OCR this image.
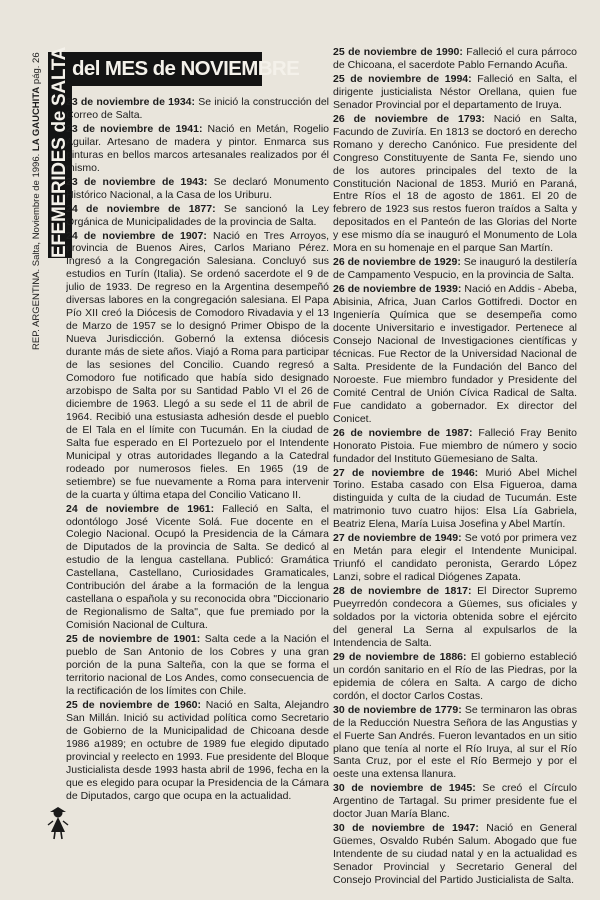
REP. ARGENTINA. Salta, Noviembre de 1996. LA GAUCHITA pág. 26 EFEMERIDES de SALTA del MES de NOVIEMBRE

23 de noviembre de 1934: Se inició la construcción del Correo de Salta.

23 de noviembre de 1941: Nació en Metán, Rogelio Aguilar. Artesano de madera y pintor. Enmarca sus pinturas en bellos marcos artesanales realizados por él mismo.

23 de noviembre de 1943: Se declaró Monumento Histórico Nacional, a la Casa de los Uriburu.

24 de noviembre de 1877: Se sancionó la Ley Orgánica de Municipalidades de la provincia de Salta.

24 de noviembre de 1907: Nació en Tres Arroyos, provincia de Buenos Aires, Carlos Mariano Pérez. Ingresó a la Congregación Salesiana. Concluyó sus estudios en Turín (Italia). Se ordenó sacerdote el 9 de julio de 1933. De regreso en la Argentina desempeñó diversas labores en la congregación salesiana. El Papa Pío XII creó la Diócesis de Comodoro Rivadavia y el 13 de Marzo de 1957 se lo designó Primer Obispo de la Nueva Jurisdicción. Gobernó la extensa diócesis durante más de siete años. Viajó a Roma para participar de las sesiones del Concilio. Cuando regresó a Comodoro fue notificado que había sido designado arzobispo de Salta por su Santidad Pablo VI el 26 de diciembre de 1963. Llegó a su sede el 11 de abril de 1964. Recibió una estusiasta adhesión desde el pueblo de El Tala en el límite con Tucumán. En la ciudad de Salta fue esperado en El Portezuelo por el Intendente Municipal y otras autoridades llegando a la Catedral rodeado por numerosos fieles. En 1965 (19 de setiembre) se fue nuevamente a Roma para intervenir de la cuarta y última etapa del Concilio Vaticano II.

24 de noviembre de 1961: Falleció en Salta, el odontólogo José Vicente Solá. Fue docente en el Colegio Nacional. Ocupó la Presidencia de la Cámara de Diputados de la provincia de Salta. Se dedicó al estudio de la lengua castellana. Publicó: Gramática Castellana, Castellano, Curiosidades Gramaticales, Contribución del árabe a la formación de la lengua castellana o española y su reconocida obra "Diccionario de Regionalismo de Salta", que fue premiado por la Comisión Nacional de Cultura.

25 de noviembre de 1901: Salta cede a la Nación el pueblo de San Antonio de los Cobres y una gran porción de la puna Salteña, con la que se forma el territorio nacional de Los Andes, como consecuencia de la rectificación de los límites con Chile.

25 de noviembre de 1960: Nació en Salta, Alejandro San Millán. Inició su actividad política como Secretario de Gobierno de la Municipalidad de Chicoana desde 1986 a1989; en octubre de 1989 fue elegido diputado provincial y reelecto en 1993. Fue presidente del Bloque Justicialista desde 1993 hasta abril de 1996, fecha en la que es elegido para ocupar la Presidencia de la Cámara de Diputados, cargo que ocupa en la actualidad.

25 de noviembre de 1990: Falleció el cura párroco de Chicoana, el sacerdote Pablo Fernando Acuña.

25 de noviembre de 1994: Falleció en Salta, el dirigente justicialista Néstor Orellana, quien fue Senador Provincial por el departamento de Iruya.

26 de noviembre de 1793: Nació en Salta, Facundo de Zuviría. En 1813 se doctoró en derecho Romano y derecho Canónico. Fue presidente del Congreso Constituyente de Santa Fe, siendo uno de los autores principales del texto de la Constitución Nacional de 1853. Murió en Paraná, Entre Ríos el 18 de agosto de 1861. El 20 de febrero de 1923 sus restos fueron traídos a Salta y depositados en el Panteón de las Glorias del Norte y ese mismo día se inauguró el Monumento de Lola Mora en su homenaje en el parque San Martín.

26 de noviembre de 1929: Se inauguró la destilería de Campamento Vespucio, en la provincia de Salta.

26 de noviembre de 1939: Nació en Addis - Abeba, Abisinia, Africa, Juan Carlos Gottifredi. Doctor en Ingeniería Química que se desempeña como docente Universitario e investigador. Pertenece al Consejo Nacional de Investigaciones científicas y técnicas. Fue Rector de la Universidad Nacional de Salta. Presidente de la Fundación del Banco del Noroeste. Fue miembro fundador y Presidente del Comité Central de Unión Cívica Radical de Salta. Fue candidato a gobernador. Ex director del Conicet.

26 de noviembre de 1987: Falleció Fray Benito Honorato Pistoia. Fue miembro de número y socio fundador del Instituto Güemesiano de Salta.

27 de noviembre de 1946: Murió Abel Michel Torino. Estaba casado con Elsa Figueroa, dama distinguida y culta de la ciudad de Tucumán. Este matrimonio tuvo cuatro hijos: Elsa Lía Gabriela, Beatriz Elena, María Luisa Josefina y Abel Martín.

27 de noviembre de 1949: Se votó por primera vez en Metán para elegir el Intendente Municipal. Triunfó el candidato peronista, Gerardo López Lanzi, sobre el radical Diógenes Zapata.

28 de noviembre de 1817: El Director Supremo Pueyrredón condecora a Güemes, sus oficiales y soldados por la victoria obtenida sobre el ejército del general La Serna al expulsarlos de la Intendencia de Salta.

29 de noviembre de 1886: El gobierno estableció un cordón sanitario en el Río de las Piedras, por la epidemia de cólera en Salta. A cargo de dicho cordón, el doctor Carlos Costas.

30 de noviembre de 1779: Se terminaron las obras de la Reducción Nuestra Señora de las Angustias y el Fuerte San Andrés. Fueron levantados en un sitio plano que tenía al norte el Río Iruya, al sur el Río Santa Cruz, por el este el Río Bermejo y por el oeste una extensa llanura.

30 de noviembre de 1945: Se creó el Círculo Argentino de Tartagal. Su primer presidente fue el doctor Juan María Blanc.

30 de noviembre de 1947: Nació en General Güemes, Osvaldo Rubén Salum. Abogado que fue Intendente de su ciudad natal y en la actualidad es Senador Provincial y Secretario General del Consejo Provincial del Partido Justicialista de Salta.
